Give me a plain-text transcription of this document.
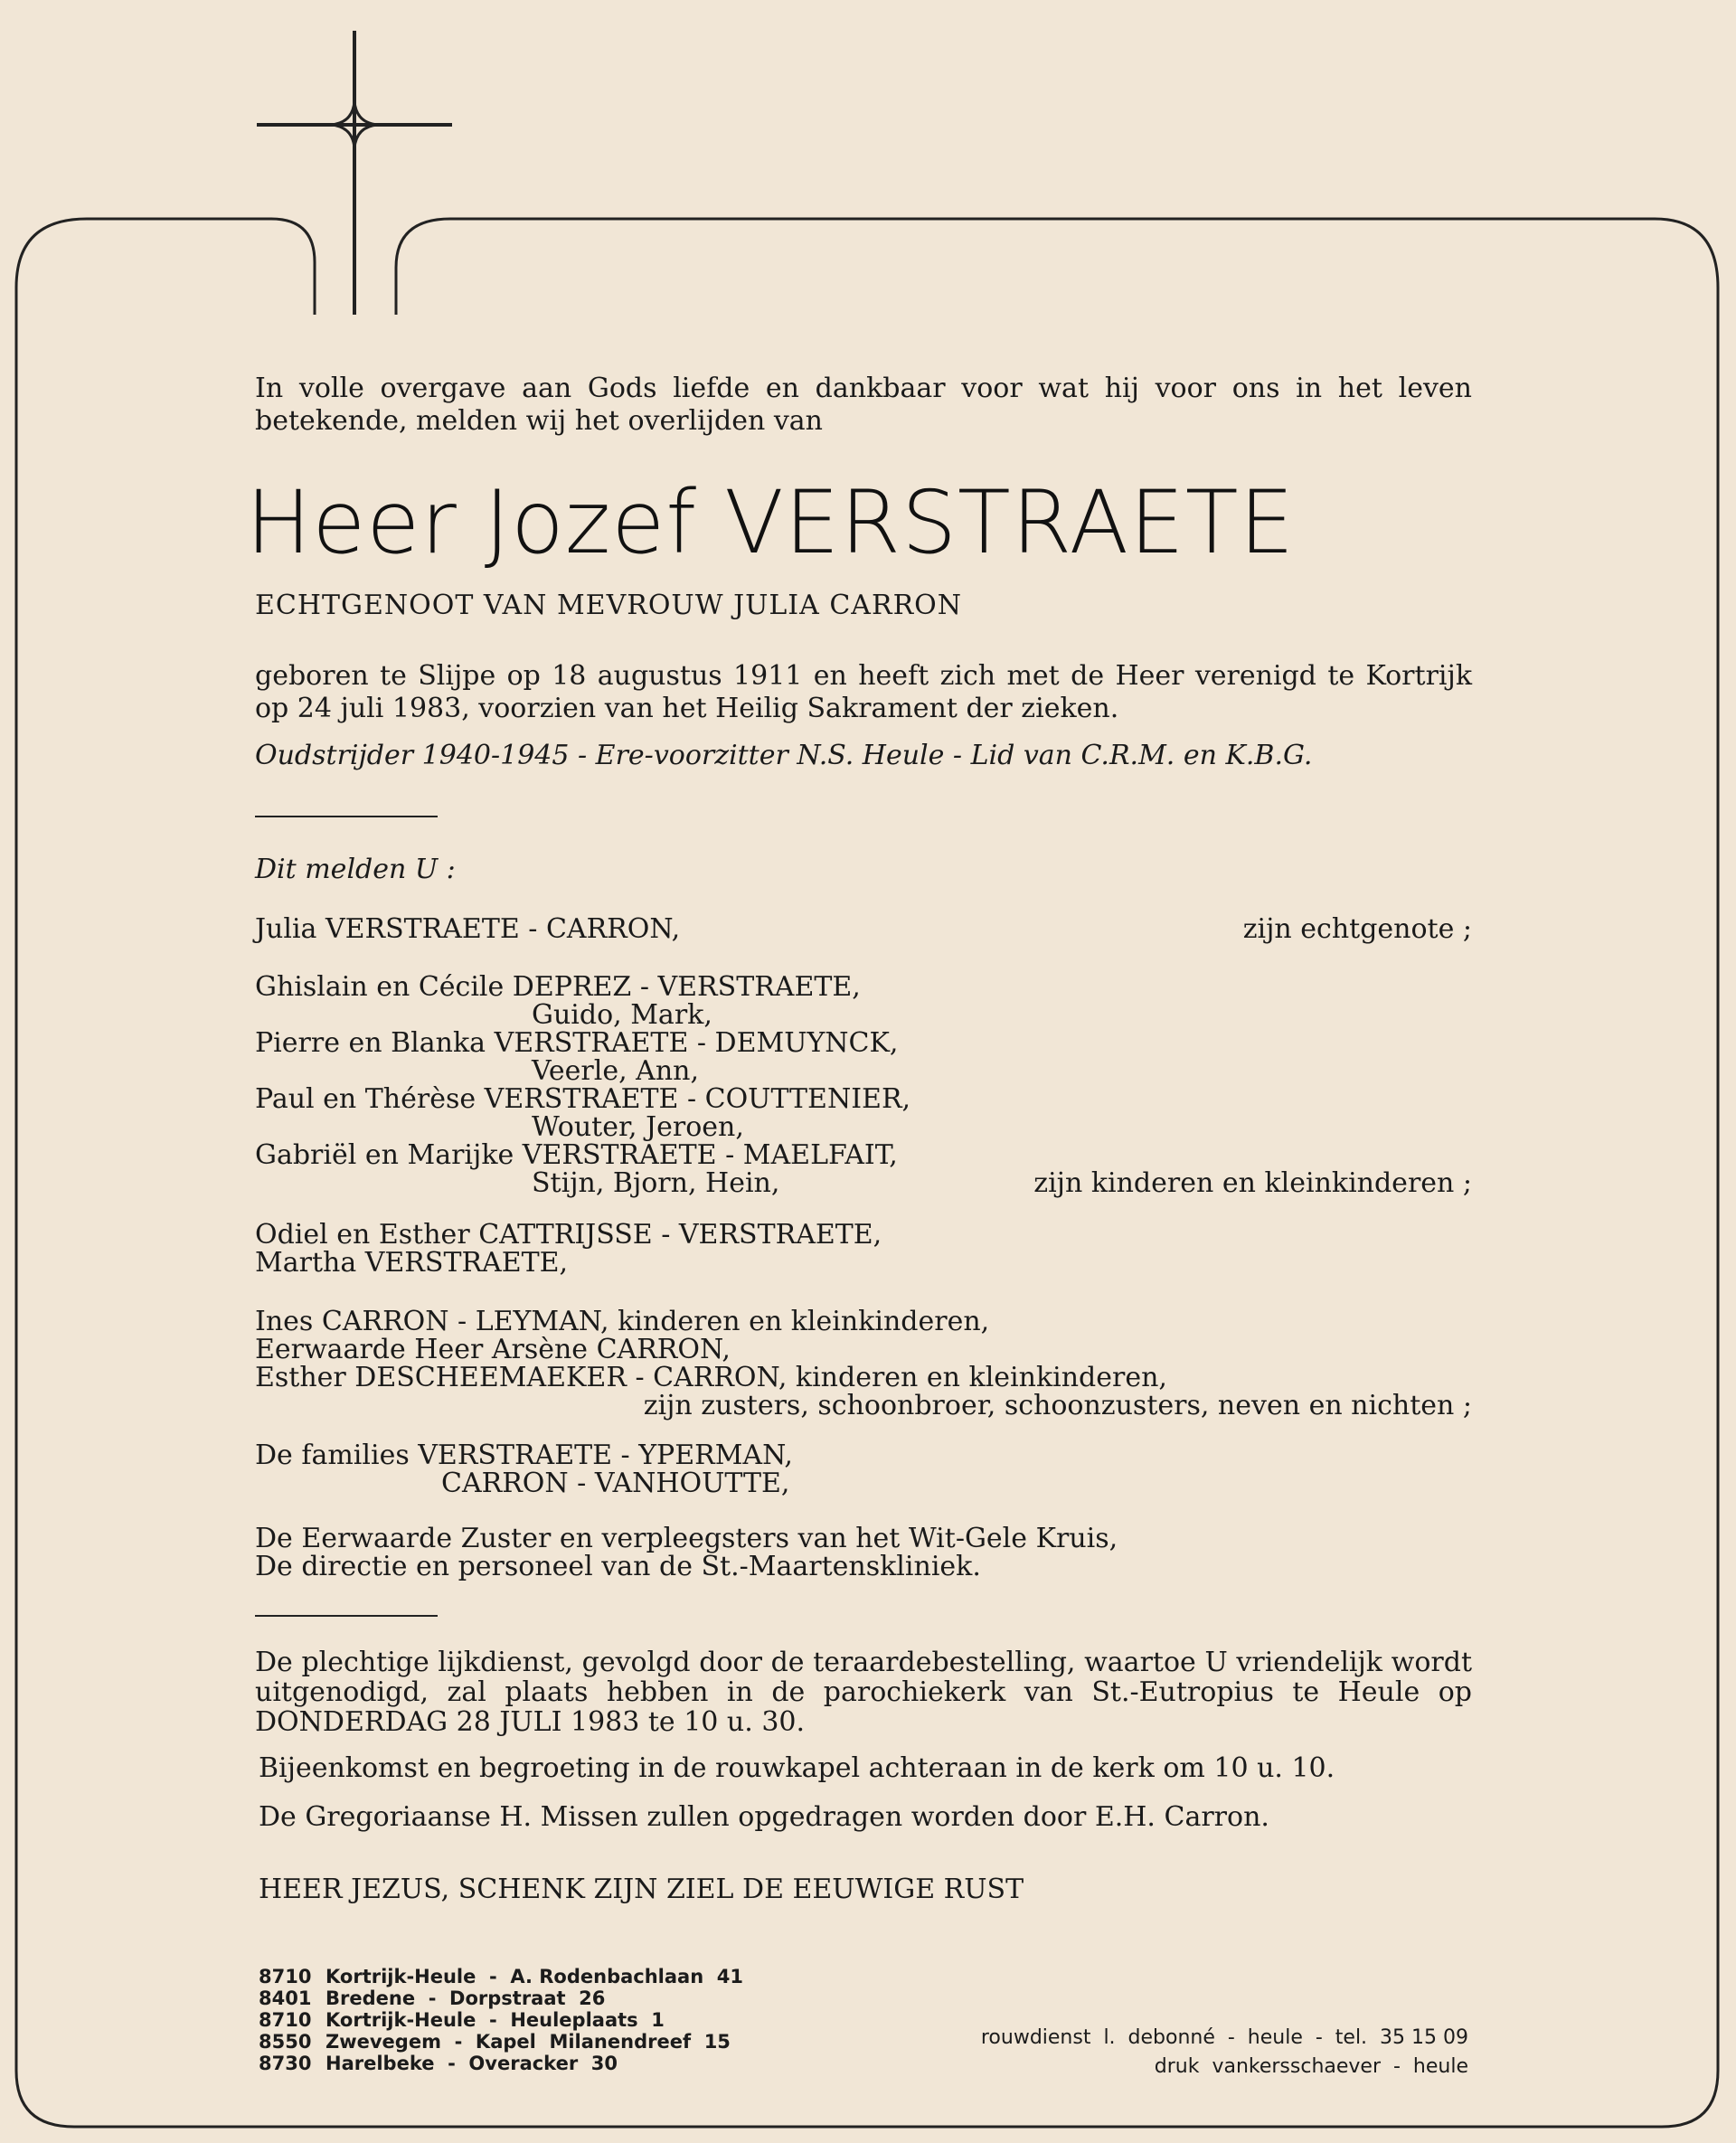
In volle overgave aan Gods liefde en dankbaar voor wat hij voor ons in het leven betekende, melden wij het overlijden van
Heer Jozef VERSTRAETE
ECHTGENOOT VAN MEVROUW JULIA CARRON
geboren te Slijpe op 18 augustus 1911 en heeft zich met de Heer verenigd te Kortrijk op 24 juli 1983, voorzien van het Heilig Sakrament der zieken.
Oudstrijder 1940-1945 - Ere-voorzitter N.S. Heule - Lid van C.R.M. en K.B.G.
Dit melden U :
Julia VERSTRAETE - CARRON,	zijn echtgenote ;
Ghislain en Cécile DEPREZ - VERSTRAETE,
Guido, Mark,
Pierre en Blanka VERSTRAETE - DEMUYNCK,
Veerle, Ann,
Paul en Thérèse VERSTRAETE - COUTTENIER,
Wouter, Jeroen,
Gabriël en Marijke VERSTRAETE - MAELFAIT,
Stijn, Bjorn, Hein,	zijn kinderen en kleinkinderen ;
Odiel en Esther CATTRIJSSE - VERSTRAETE,
Martha VERSTRAETE,
Ines CARRON - LEYMAN, kinderen en kleinkinderen,
Eerwaarde Heer Arsène CARRON,
Esther DESCHEEMAEKER - CARRON, kinderen en kleinkinderen,
zijn zusters, schoonbroer, schoonzusters, neven en nichten ;
De families VERSTRAETE - YPERMAN,
CARRON - VANHOUTTE,
De Eerwaarde Zuster en verpleegsters van het Wit-Gele Kruis,
De directie en personeel van de St.-Maartenskliniek.
De plechtige lijkdienst, gevolgd door de teraardebestelling, waartoe U vriendelijk wordt uitgenodigd, zal plaats hebben in de parochiekerk van St.-Eutropius te Heule op DONDERDAG 28 JULI 1983 te 10 u. 30.
Bijeenkomst en begroeting in de rouwkapel achteraan in de kerk om 10 u. 10.
De Gregoriaanse H. Missen zullen opgedragen worden door E.H. Carron.
HEER JEZUS, SCHENK ZIJN ZIEL DE EEUWIGE RUST
8710 Kortrijk-Heule  -  A. Rodenbachlaan  41
8401 Bredene  -  Dorpstraat  26
8710 Kortrijk-Heule  -  Heuleplaats  1
8550 Zwevegem  -  Kapel  Milanendreef  15
8730 Harelbeke  -  Overacker  30
rouwdienst  l.  debonné  -  heule  -  tel.  35 15 09
druk  vankersschaever  -  heule
